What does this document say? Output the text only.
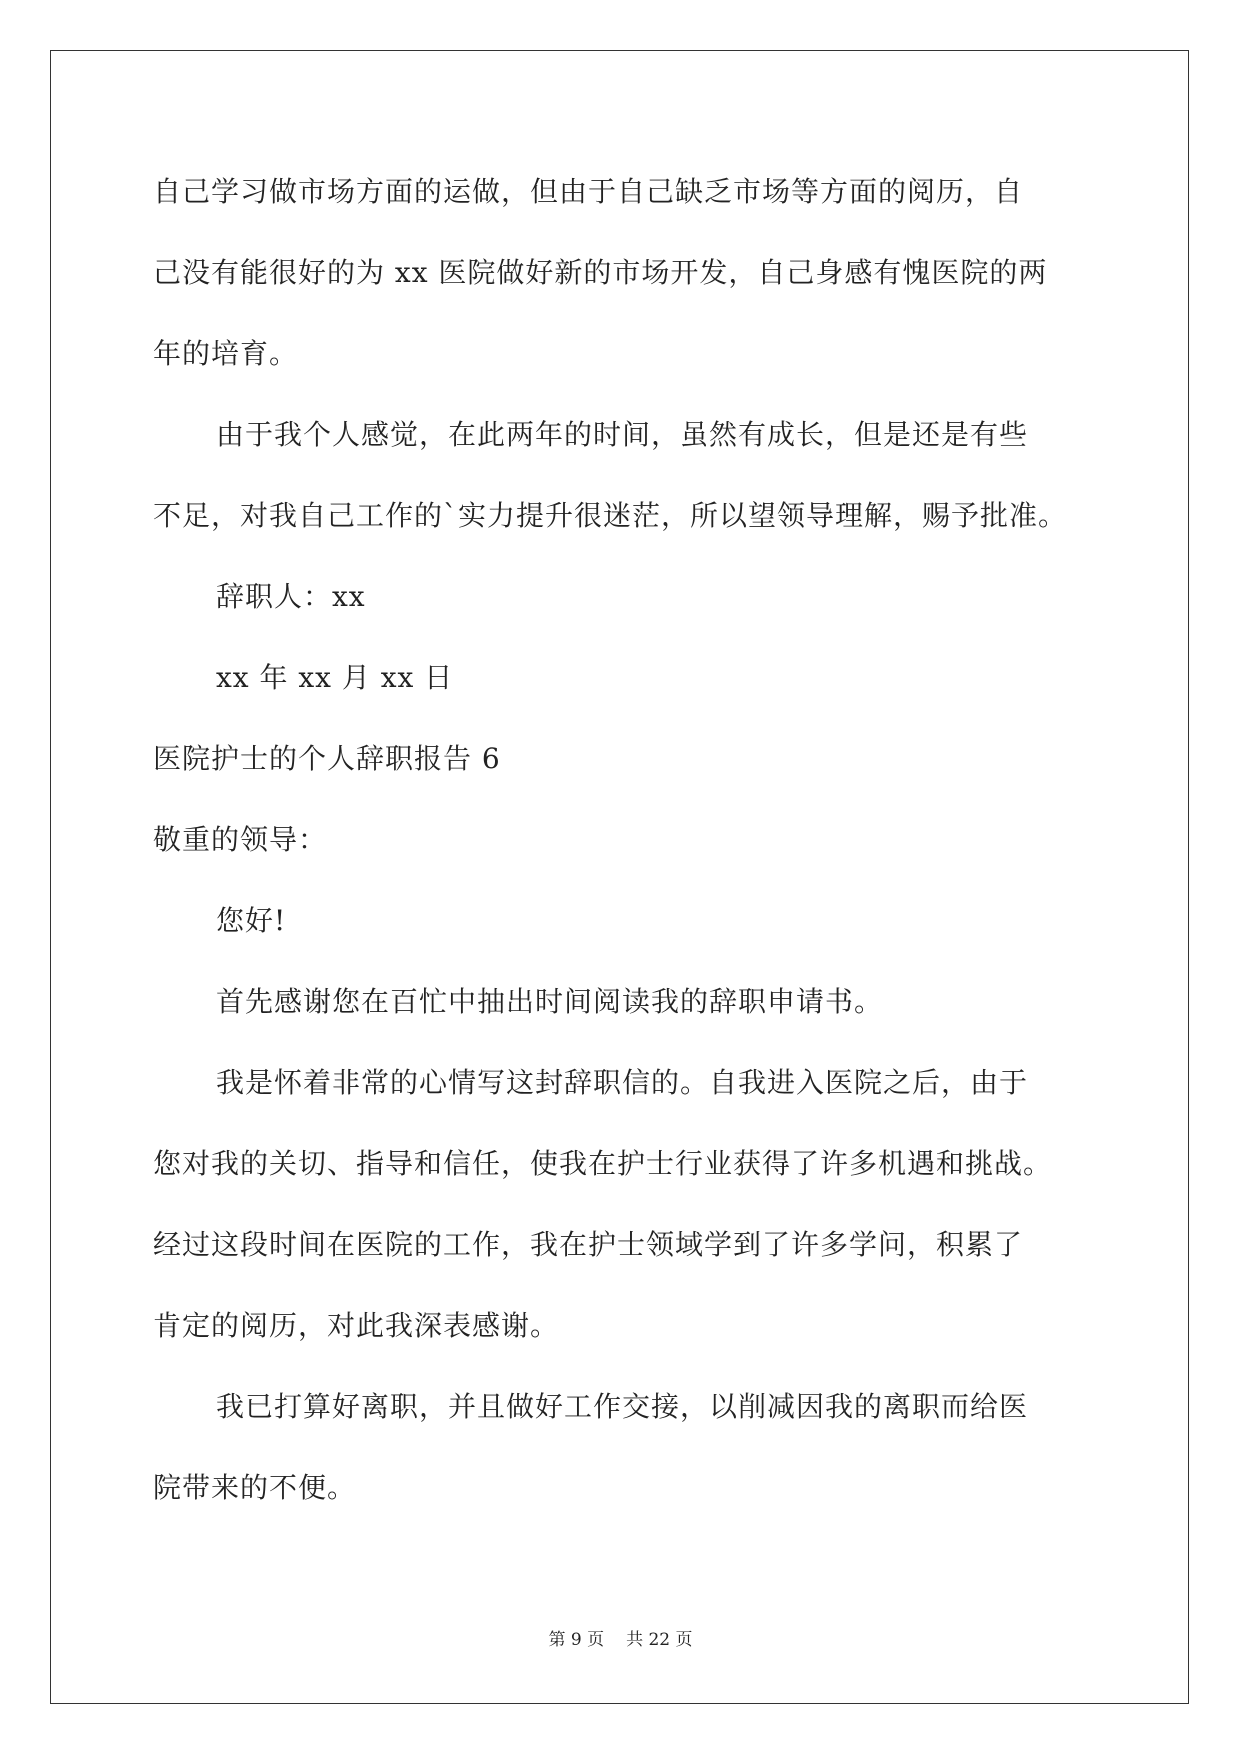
自己学习做市场方面的运做，但由于自己缺乏市场等方面的阅历，自
己没有能很好的为 xx 医院做好新的市场开发，自己身感有愧医院的两
年的培育。
由于我个人感觉，在此两年的时间，虽然有成长，但是还是有些
不足，对我自己工作的`实力提升很迷茫，所以望领导理解，赐予批准。
辞职人：xx
xx 年 xx 月 xx 日
医院护士的个人辞职报告 6
敬重的领导：
您好!
首先感谢您在百忙中抽出时间阅读我的辞职申请书。
我是怀着非常的心情写这封辞职信的。自我进入医院之后，由于
您对我的关切、指导和信任，使我在护士行业获得了许多机遇和挑战。
经过这段时间在医院的工作，我在护士领域学到了许多学问，积累了
肯定的阅历，对此我深表感谢。
我已打算好离职，并且做好工作交接，以削减因我的离职而给医
院带来的不便。
第 9 页 共 22 页
